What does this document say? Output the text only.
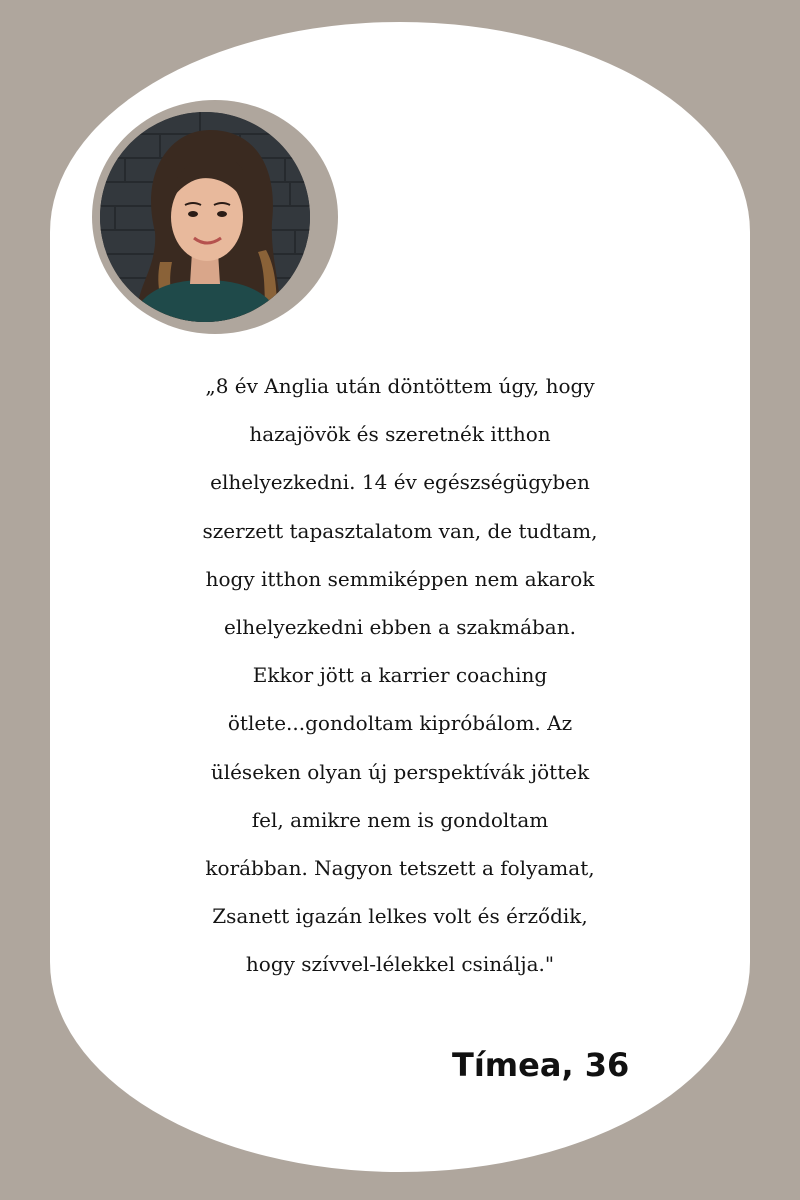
„8 év Anglia után döntöttem úgy, hogy
hazajövök és szeretnék itthon
elhelyezkedni. 14 év egészségügyben
szerzett tapasztalatom van, de tudtam,
hogy itthon semmiképpen nem akarok
elhelyezkedni ebben a szakmában.
Ekkor jött a karrier coaching
ötlete...gondoltam kipróbálom. Az
üléseken olyan új perspektívák jöttek
fel, amikre nem is gondoltam
korábban. Nagyon tetszett a folyamat,
Zsanett igazán lelkes volt és érződik,
hogy szívvel-lélekkel csinálja."

Tímea, 36
